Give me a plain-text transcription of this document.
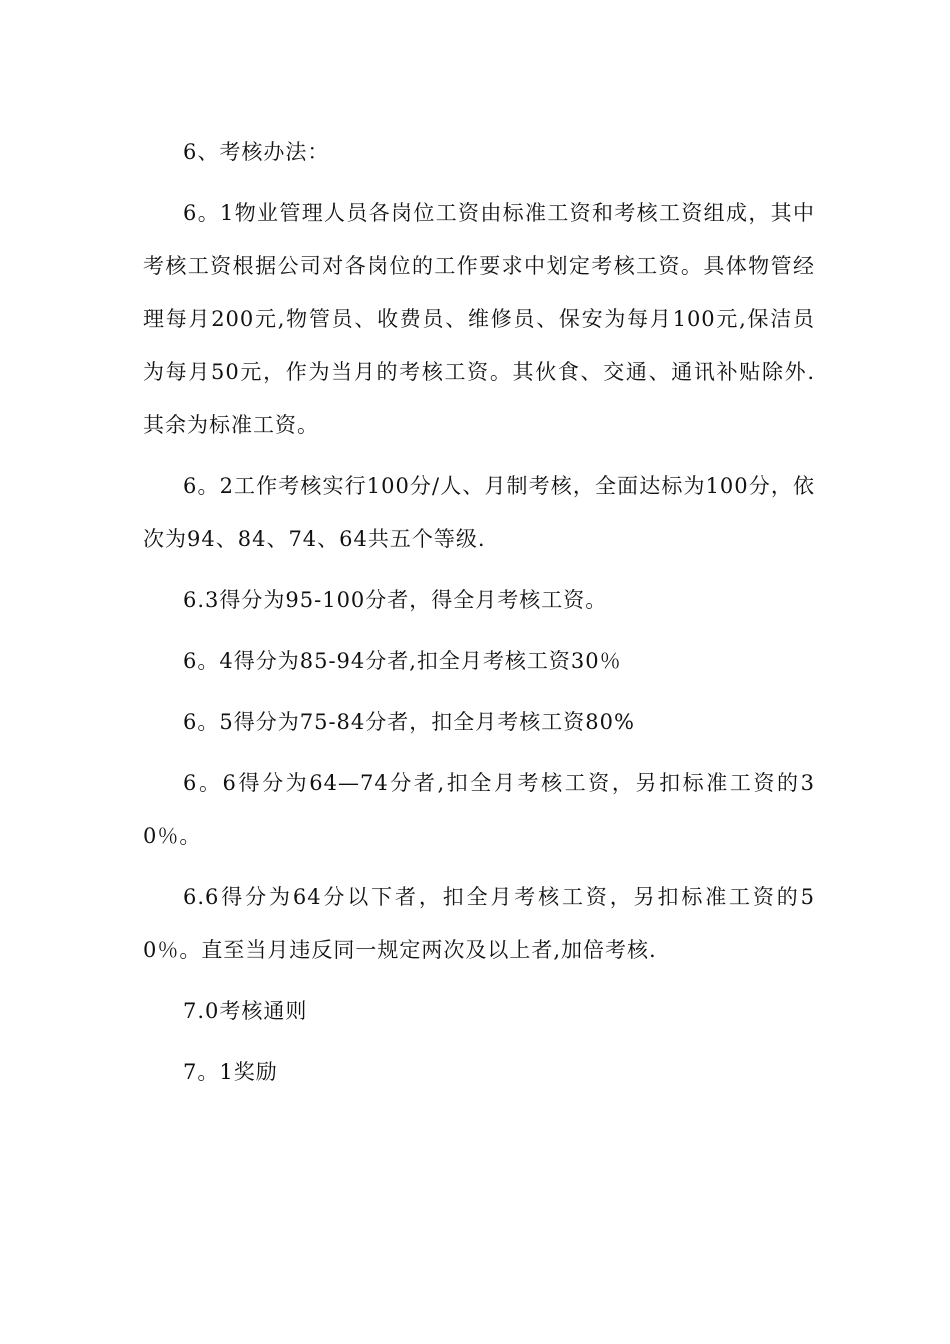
6、考核办法：

6。1物业管理人员各岗位工资由标准工资和考核工资组成，其中考核工资根据公司对各岗位的工作要求中划定考核工资。具体物管经理每月200元,物管员、收费员、维修员、保安为每月100元,保洁员为每月50元，作为当月的考核工资。其伙食、交通、通讯补贴除外.其余为标准工资。

6。2工作考核实行100分/人、月制考核，全面达标为100分，依次为94、84、74、64共五个等级.

6.3得分为95-100分者，得全月考核工资。

6。4得分为85-94分者,扣全月考核工资30％

6。5得分为75-84分者，扣全月考核工资80%

6。6得分为64—74分者,扣全月考核工资，另扣标准工资的30％。

6.6得分为64分以下者，扣全月考核工资，另扣标准工资的50％。直至当月违反同一规定两次及以上者,加倍考核.

7.0考核通则

7。1奖励
